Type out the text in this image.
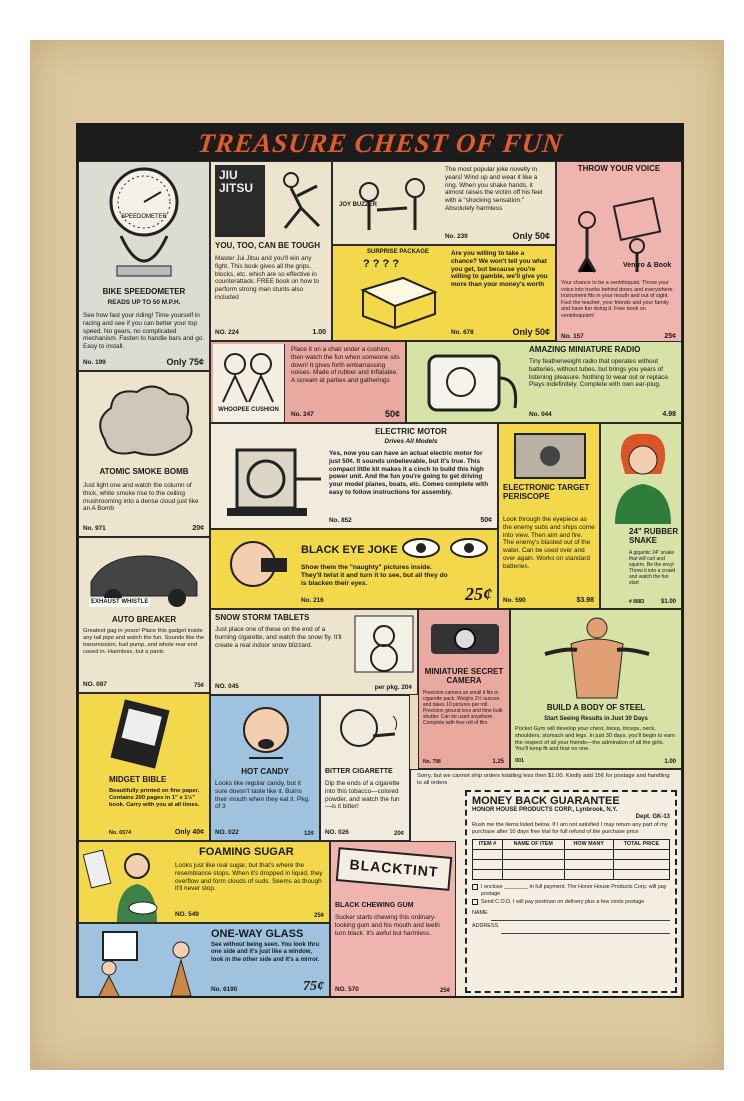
TREASURE CHEST OF FUN
SPEEDOMETER
BIKE SPEEDOMETER
READS UP TO 50 M.P.H.
See how fast your riding! Time yourself in racing and see if you can better your top speed. No gears, no complicated mechanism. Fasten to handle bars and go. Easy to install.
No. 199	Only 75¢
JIU JITSU
YOU, TOO, CAN BE TOUGH
Master Jui Jitsu and you'll win any fight. This book gives all the grips, blocks, etc. which are so effective in counterattack. FREE book on how to perform strong man stunts also included
NO. 224	1.00
JOY BUZZER
The most popular joke novelty in years! Wind up and wear it like a ring. When you shake hands, it almost raises the victim off his feet with a "shocking sensation." Absolutely harmless
No. 239	Only 50¢
THROW YOUR VOICE
Ventro & Book
Your chance to be a ventriloquist. Throw your voice into trunks behind doors and everywhere. Instrument fits in your mouth and out of sight. Fool the teacher, your friends and your family and have fun doing it. Free book on ventriloquism!
No. 157	25¢
SURPRISE PACKAGE
? ? ? ?
Are you willing to take a chance? We won't tell you what you get, but because you're willing to gamble, we'll give you more than your money's worth
No. 678	Only 50¢
WHOOPEE CUSHION
Place it on a chair under a cushion, then watch the fun when someone sits down! It gives forth embarrassing noises. Made of rubber and inflatable. A scream at parties and gatherings
No. 247	50¢
AMAZING MINIATURE RADIO
Tiny featherweight radio that operates without batteries, without tubes, but brings you years of listening pleasure. Nothing to wear out or replace. Plays indefinitely. Complete with own ear-plug.
No. 044	4.98
ATOMIC SMOKE BOMB
Just light one and watch the column of thick, white smoke rise to the ceiling mushrooming into a dense cloud just like an A Bomb
No. 971	20¢
ELECTRIC MOTOR
Drives All Models
Yes, now you can have an actual electric motor for just 50¢. It sounds unbelievable, but it's true. This compact little kit makes it a cinch to build this high power unit. And the fun you're going to get driving your model planes, boats, etc. Comes complete with easy to follow instructions for assembly.
No. 852	50¢
ELECTRONIC TARGET PERISCOPE
Look through the eyepiece as the enemy subs and ships come into view. Then aim and fire. The enemy's blasted out of the water. Can be used over and over again. Works on standard batteries.
No. 590	$3.98
24" RUBBER SNAKE
A gigantic 24" snake that will curl and squirm. Be the envy! Throw it into a crowd and watch the fun start
# 8883	$1.00
BLACK EYE JOKE
Show them the "naughty" pictures inside. They'll twist it and turn it to see, but all they do is blacken their eyes.
No. 216	25¢
EXHAUST WHISTLE
AUTO BREAKER
Greatest gag in years! Place this gadget inside any tail pipe and watch the fun. Sounds like the transmission, fuel pump, and whole rear end caved in. Harmless, but a panic
NO. 087	75¢
SNOW STORM TABLETS
Just place one of these on the end of a burning cigarette, and watch the snow fly. It'll create a real indoor snow blizzard.
NO. 045	per pkg. 20¢
MINIATURE SECRET CAMERA
Precision camera so small it fits in cigarette pack. Weighs 2½ ounces and takes 10 pictures per roll. Precision ground lens and time bulb shutter. Can be used anywhere. Complete with free roll of film
No. 798	1.25
BUILD A BODY OF STEEL
Start Seeing Results in Just 30 Days
Pocket Gym will develop your chest, bicep, triceps, neck, shoulders, stomach and legs. In just 30 days, you'll begin to earn the respect of all your friends—the admiration of all the girls. You'll keep fit and fear no one.
001	1.00
MIDGET BIBLE
Beautifully printed on fine paper. Contains 200 pages in 1" x 1½" book. Carry with you at all times.
No. 6574	Only 40¢
HOT CANDY
Looks like regular candy, but it sure doesn't taste like it. Burns their mouth when they eat it. Pkg. of 3
NO. 022	12¢
BITTER CIGARETTE
Dip the ends of a cigarette into this tobacco—colored powder, and watch the fun—is it bitter!
NO. 026	20¢
Sorry, but we cannot ship orders totalling less then $1.00. Kindly add 15¢ for postage and handling to all orders
MONEY BACK GUARANTEE
HONOR HOUSE PRODUCTS CORP., Lynbrook, N.Y.
Dept. GK-13
Rush me the items listed below. If I am not satisfied I may return any part of my purchase after 10 days free trial for full refund of the purchase price
ITEM #	NAME OF ITEM	HOW MANY	TOTAL PRICE

I enclose ________ in full payment. The Honor House Products Corp. will pay postage
Send C.O.D. I will pay postman on delivery plus a few cents postage
NAME
ADDRESS
FOAMING SUGAR
Looks just like real sugar, but that's where the resemblance stops. When it's dropped in liquid, they overflow and form clouds of suds. Seems as though it'll never stop.
NO. 549	25¢
BLACKTINT
BLACK CHEWING GUM
Sucker starts chewing this ordinary-looking gum and his mouth and teeth turn black. It's awful but harmless.
NO. 570	25¢
ONE-WAY GLASS
See without being seen. You look thru one side and it's just like a window, look in the other side and it's a mirror.
No. 6190	75¢
